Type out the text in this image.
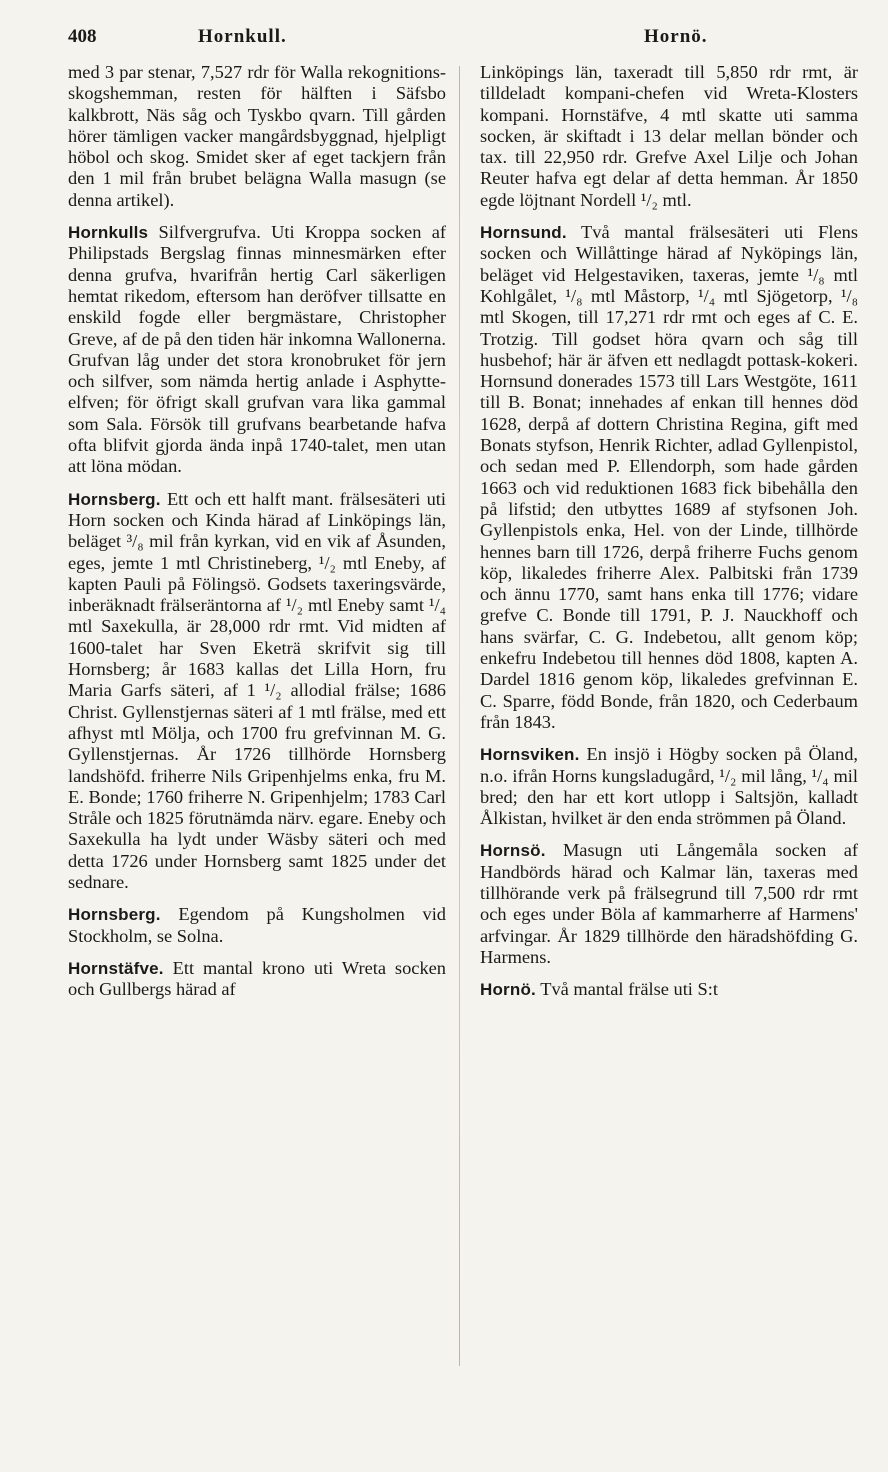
408	Hornkull.	Hornö.

med 3 par stenar, 7,527 rdr för Walla rekognitions-skogshemman, resten för hälften i Säfsbo kalkbrott, Näs såg och Tyskbo qvarn. Till gården hörer tämligen vacker mangårdsbyggnad, hjelpligt höbol och skog. Smidet sker af eget tackjern från den 1 mil från brubet belägna Walla masugn (se denna artikel).

Hornkulls Silfvergrufva. Uti Kroppa socken af Philipstads Bergslag finnas minnesmärken efter denna grufva, hvarifrån hertig Carl säkerligen hemtat rikedom, eftersom han deröfver tillsatte en enskild fogde eller bergmästare, Christopher Greve, af de på den tiden här inkomna Wallonerna. Grufvan låg under det stora kronobruket för jern och silfver, som nämda hertig anlade i Asphytte-elfven; för öfrigt skall grufvan vara lika gammal som Sala. Försök till grufvans bearbetande hafva ofta blifvit gjorda ända inpå 1740-talet, men utan att löna mödan.

Hornsberg. Ett och ett halft mant. frälsesäteri uti Horn socken och Kinda härad af Linköpings län, beläget ³/₈ mil från kyrkan, vid en vik af Åsunden, eges, jemte 1 mtl Christineberg, ¹/₂ mtl Eneby, af kapten Pauli på Fölingsö. Godsets taxeringsvärde, inberäknadt frälseräntorna af ¹/₂ mtl Eneby samt ¹/₄ mtl Saxekulla, är 28,000 rdr rmt. Vid midten af 1600-talet har Sven Eketrä skrifvit sig till Hornsberg; år 1683 kallas det Lilla Horn, fru Maria Garfs säteri, af 1 ¹/₂ allodial frälse; 1686 Christ. Gyllenstjernas säteri af 1 mtl frälse, med ett afhyst mtl Mölja, och 1700 fru grefvinnan M. G. Gyllenstjernas. År 1726 tillhörde Hornsberg landshöfd. friherre Nils Gripenhjelms enka, fru M. E. Bonde; 1760 friherre N. Gripenhjelm; 1783 Carl Stråle och 1825 förutnämda närv. egare. Eneby och Saxekulla ha lydt under Wäsby säteri och med detta 1726 under Hornsberg samt 1825 under det sednare.

Hornsberg. Egendom på Kungsholmen vid Stockholm, se Solna.

Hornstäfve. Ett mantal krono uti Wreta socken och Gullbergs härad af

Linköpings län, taxeradt till 5,850 rdr rmt, är tilldeladt kompani-chefen vid Wreta-Klosters kompani. Hornstäfve, 4 mtl skatte uti samma socken, är skiftadt i 13 delar mellan bönder och tax. till 22,950 rdr. Grefve Axel Lilje och Johan Reuter hafva egt delar af detta hemman. År 1850 egde löjtnant Nordell ¹/₂ mtl.

Hornsund. Två mantal frälsesäteri uti Flens socken och Willåttinge härad af Nyköpings län, beläget vid Helgestaviken, taxeras, jemte ¹/₈ mtl Kohlgålet, ¹/₈ mtl Måstorp, ¹/₄ mtl Sjögetorp, ¹/₈ mtl Skogen, till 17,271 rdr rmt och eges af C. E. Trotzig. Till godset höra qvarn och såg till husbehof; här är äfven ett nedlagdt pottask-kokeri. Hornsund donerades 1573 till Lars Westgöte, 1611 till B. Bonat; innehades af enkan till hennes död 1628, derpå af dottern Christina Regina, gift med Bonats styfson, Henrik Richter, adlad Gyllenpistol, och sedan med P. Ellendorph, som hade gården 1663 och vid reduktionen 1683 fick bibehålla den på lifstid; den utbyttes 1689 af styfsonen Joh. Gyllenpistols enka, Hel. von der Linde, tillhörde hennes barn till 1726, derpå friherre Fuchs genom köp, likaledes friherre Alex. Palbitski från 1739 och ännu 1770, samt hans enka till 1776; vidare grefve C. Bonde till 1791, P. J. Nauckhoff och hans svärfar, C. G. Indebetou, allt genom köp; enkefru Indebetou till hennes död 1808, kapten A. Dardel 1816 genom köp, likaledes grefvinnan E. C. Sparre, född Bonde, från 1820, och Cederbaum från 1843.

Hornsviken. En insjö i Högby socken på Öland, n.o. ifrån Horns kungsladugård, ¹/₂ mil lång, ¹/₄ mil bred; den har ett kort utlopp i Saltsjön, kalladt Ålkistan, hvilket är den enda strömmen på Öland.

Hornsö. Masugn uti Långemåla socken af Handbörds härad och Kalmar län, taxeras med tillhörande verk på frälsegrund till 7,500 rdr rmt och eges under Böla af kammarherre af Harmens' arfvingar. År 1829 tillhörde den häradshöfding G. Harmens.

Hornö. Två mantal frälse uti S:t
